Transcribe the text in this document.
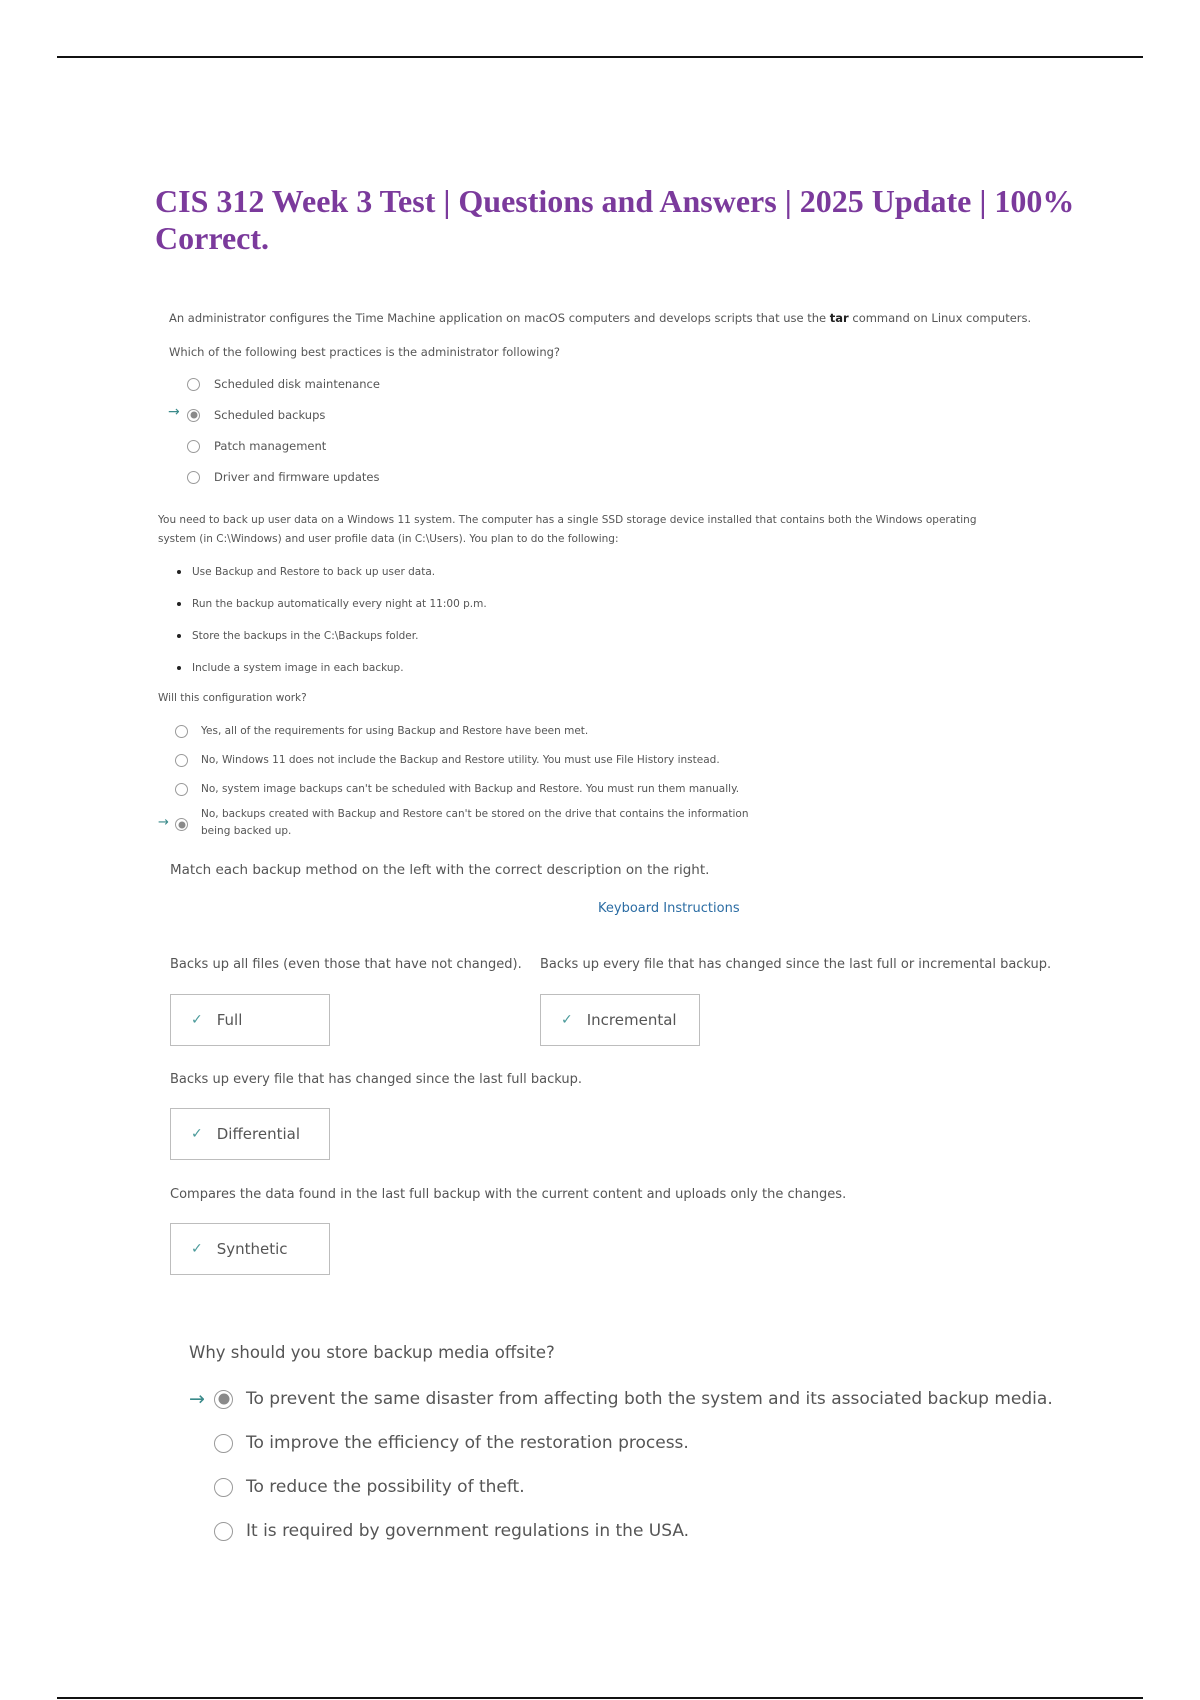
CIS 312 Week 3 Test | Questions and Answers | 2025 Update | 100% Correct.
An administrator configures the Time Machine application on macOS computers and develops scripts that use the tar command on Linux computers.
Which of the following best practices is the administrator following?
→
Scheduled disk maintenance
Scheduled backups
Patch management
Driver and firmware updates
You need to back up user data on a Windows 11 system. The computer has a single SSD storage device installed that contains both the Windows operating
system (in C:\Windows) and user profile data (in C:\Users). You plan to do the following:
Use Backup and Restore to back up user data.
Run the backup automatically every night at 11:00 p.m.
Store the backups in the C:\Backups folder.
Include a system image in each backup.
Will this configuration work?
Yes, all of the requirements for using Backup and Restore have been met.
No, Windows 11 does not include the Backup and Restore utility. You must use File History instead.
No, system image backups can't be scheduled with Backup and Restore. You must run them manually.
→
No, backups created with Backup and Restore can't be stored on the drive that contains the information
being backed up.
Match each backup method on the left with the correct description on the right.
Keyboard Instructions
Backs up all files (even those that have not changed).
✓ Full
Backs up every file that has changed since the last full or incremental backup.
✓ Incremental
Backs up every file that has changed since the last full backup.
✓ Differential
Compares the data found in the last full backup with the current content and uploads only the changes.
✓ Synthetic
Why should you store backup media offsite?
→ To prevent the same disaster from affecting both the system and its associated backup media.
To improve the efficiency of the restoration process.
To reduce the possibility of theft.
It is required by government regulations in the USA.
